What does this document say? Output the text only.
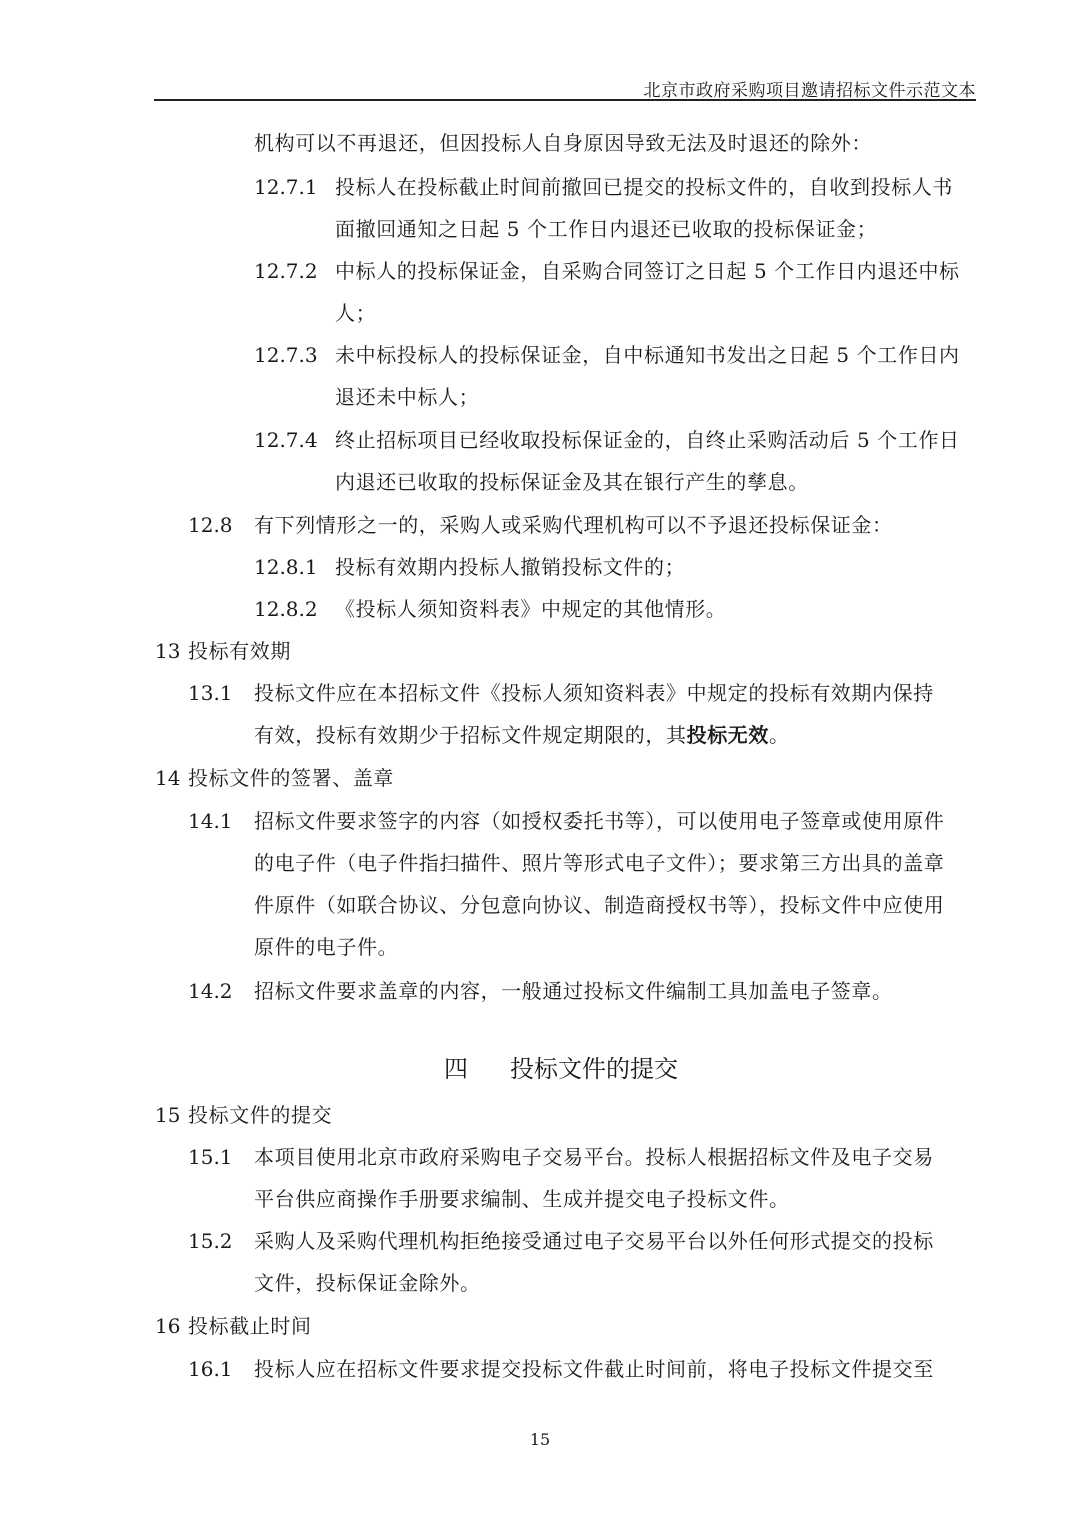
北京市政府采购项目邀请招标文件示范文本
机构可以不再退还，但因投标人自身原因导致无法及时退还的除外：
12.7.1 投标人在投标截止时间前撤回已提交的投标文件的，自收到投标人书
面撤回通知之日起 5 个工作日内退还已收取的投标保证金；
12.7.2 中标人的投标保证金，自采购合同签订之日起 5 个工作日内退还中标
人；
12.7.3 未中标投标人的投标保证金，自中标通知书发出之日起 5 个工作日内
退还未中标人；
12.7.4 终止招标项目已经收取投标保证金的，自终止采购活动后 5 个工作日
内退还已收取的投标保证金及其在银行产生的孳息。
12.8 有下列情形之一的，采购人或采购代理机构可以不予退还投标保证金：
12.8.1 投标有效期内投标人撤销投标文件的；
12.8.2 《投标人须知资料表》中规定的其他情形。
13 投标有效期
13.1 投标文件应在本招标文件《投标人须知资料表》中规定的投标有效期内保持
有效，投标有效期少于招标文件规定期限的，其投标无效。
14 投标文件的签署、盖章
14.1 招标文件要求签字的内容（如授权委托书等），可以使用电子签章或使用原件
的电子件（电子件指扫描件、照片等形式电子文件）；要求第三方出具的盖章
件原件（如联合协议、分包意向协议、制造商授权书等），投标文件中应使用
原件的电子件。
14.2 招标文件要求盖章的内容，一般通过投标文件编制工具加盖电子签章。
四 投标文件的提交
15 投标文件的提交
15.1 本项目使用北京市政府采购电子交易平台。投标人根据招标文件及电子交易
平台供应商操作手册要求编制、生成并提交电子投标文件。
15.2 采购人及采购代理机构拒绝接受通过电子交易平台以外任何形式提交的投标
文件，投标保证金除外。
16 投标截止时间
16.1 投标人应在招标文件要求提交投标文件截止时间前，将电子投标文件提交至
15
